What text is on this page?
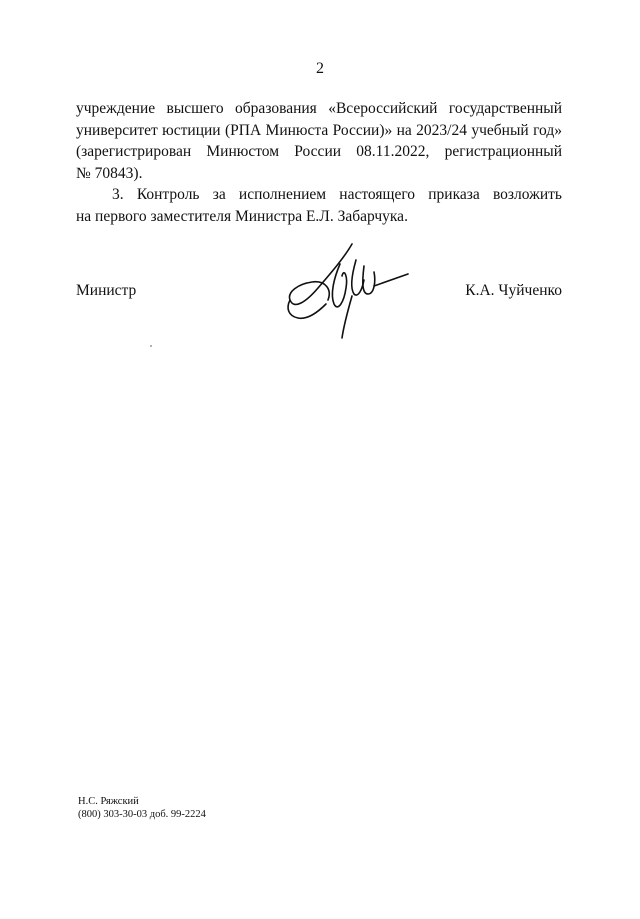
2
учреждение высшего образования «Всероссийский государственный
университет юстиции (РПА Минюста России)» на 2023/24 учебный год»
(зарегистрирован Минюстом России 08.11.2022, регистрационный
№ 70843).
3. Контроль за исполнением настоящего приказа возложить
на первого заместителя Министра Е.Л. Забарчука.
Министр	К.А. Чуйченко
Н.С. Ряжский
(800) 303-30-03 доб. 99-2224
